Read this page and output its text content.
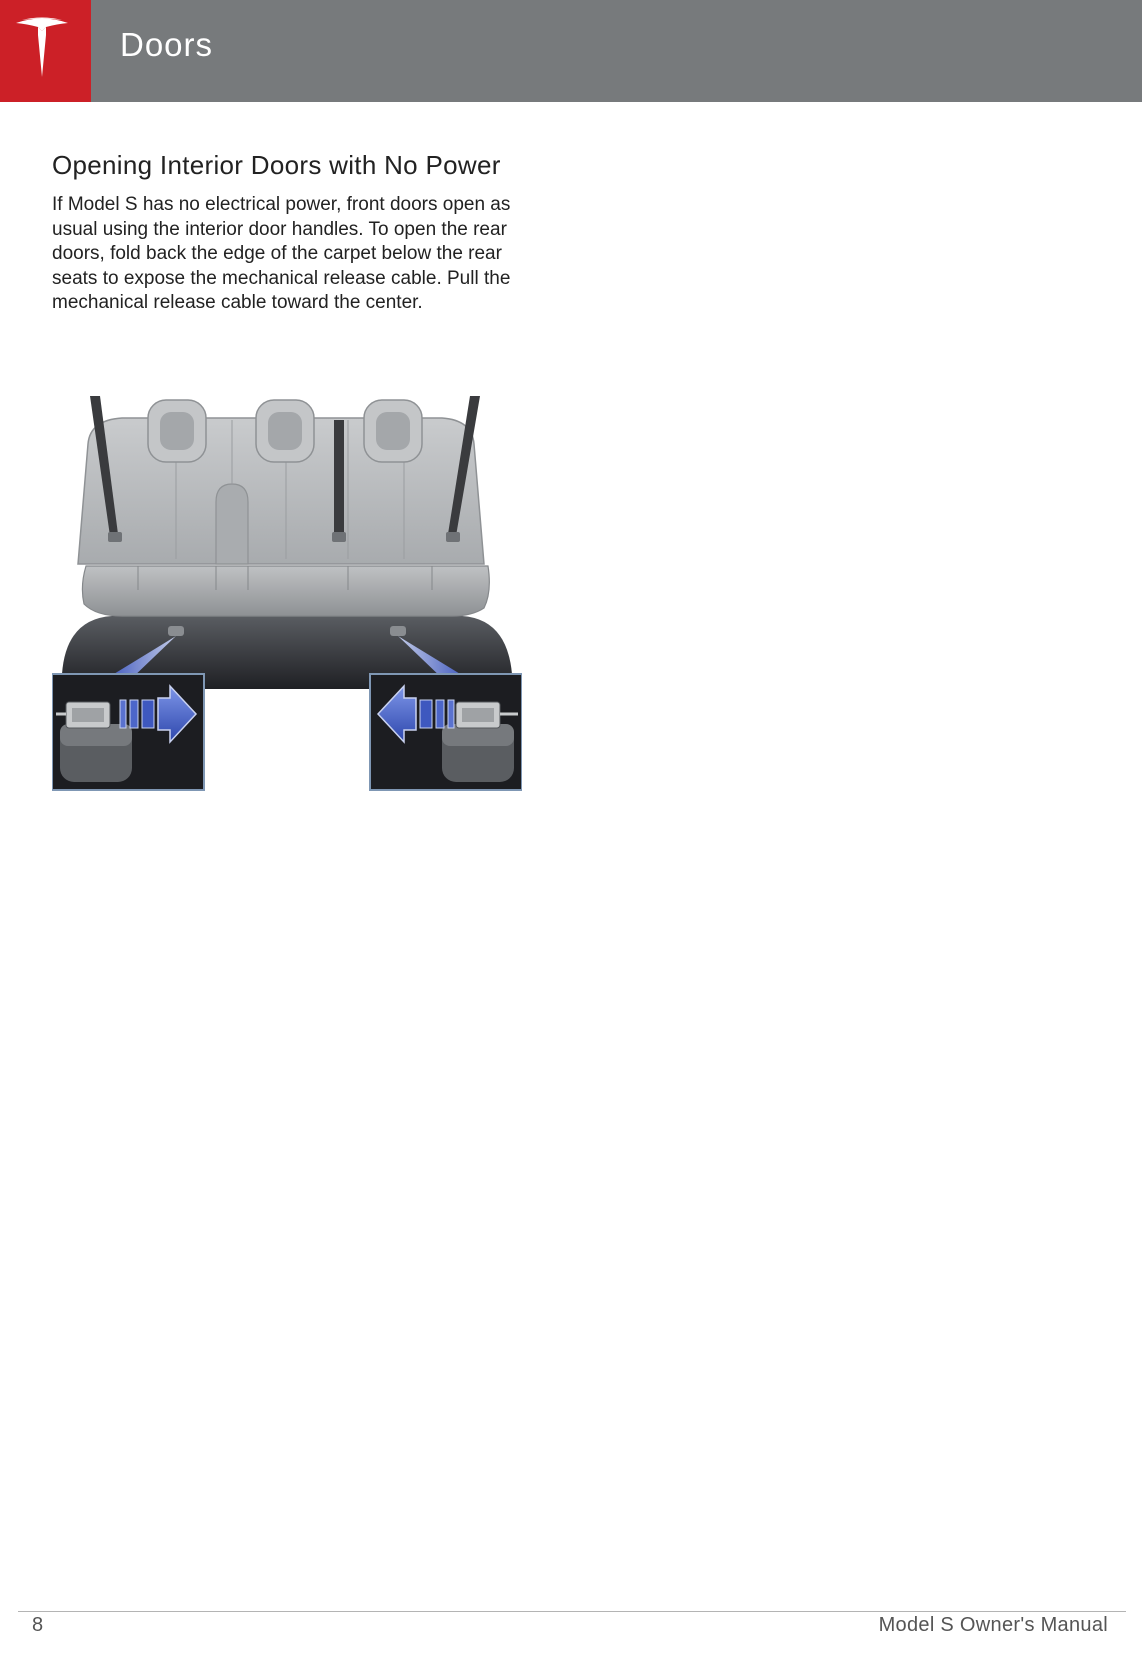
Doors
Opening Interior Doors with No Power

If Model S has no electrical power, front doors open as usual using the interior door handles. To open the rear doors, fold back the edge of the carpet below the rear seats to expose the mechanical release cable. Pull the mechanical release cable toward the center.

8	Model S Owner's Manual
